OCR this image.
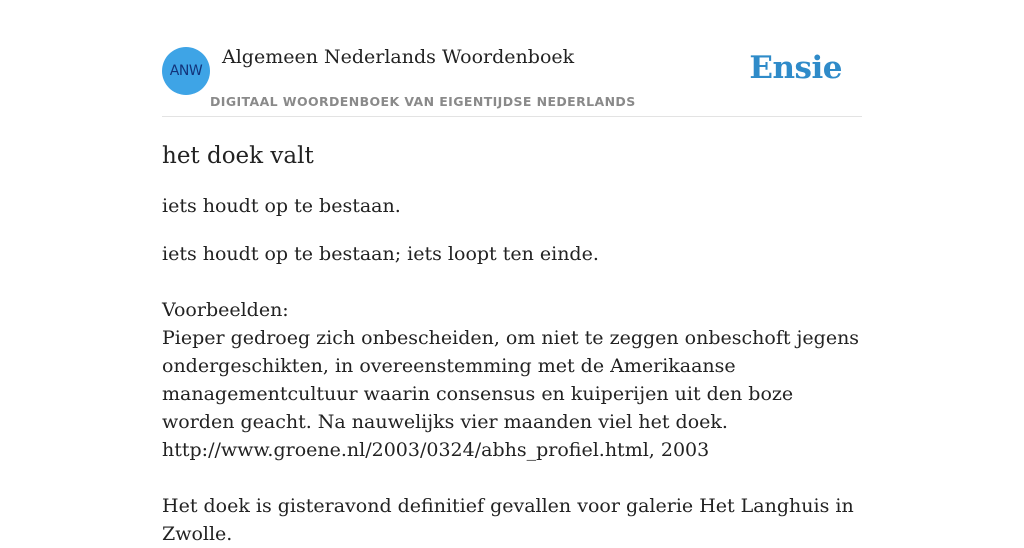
ANW
Algemeen Nederlands Woordenboek
DIGITAAL WOORDENBOEK VAN EIGENTIJDSE NEDERLANDS
Ensie
het doek valt

iets houdt op te bestaan.

iets houdt op te bestaan; iets loopt ten einde.

Voorbeelden:
Pieper gedroeg zich onbescheiden, om niet te zeggen onbeschoft jegens ondergeschikten, in overeenstemming met de Amerikaanse managementcultuur waarin consensus en kuiperijen uit den boze worden geacht. Na nauwelijks vier maanden viel het doek.
http://www.groene.nl/2003/0324/abhs_profiel.html, 2003
Het doek is gisteravond definitief gevallen voor galerie Het Langhuis in Zwolle.
